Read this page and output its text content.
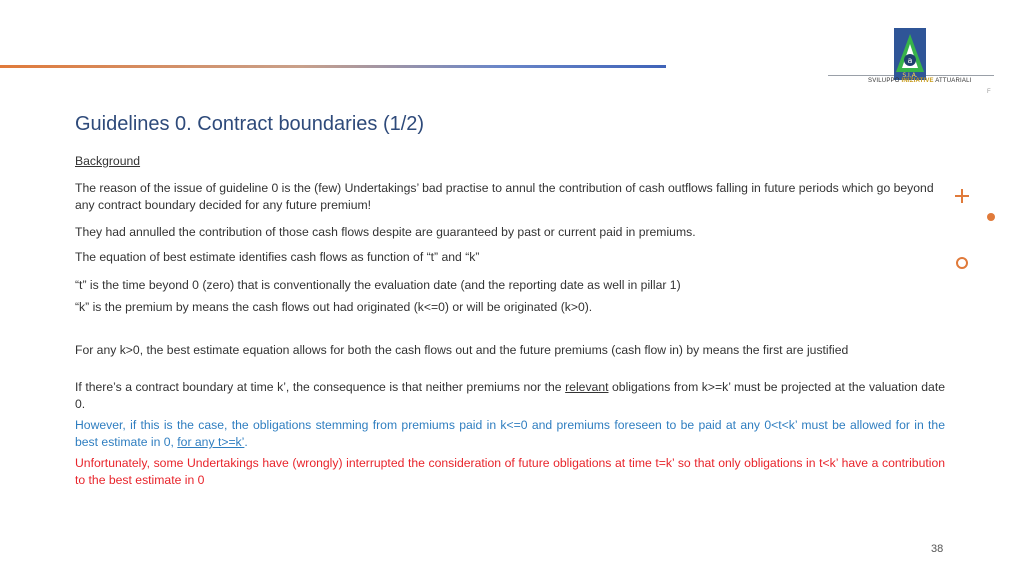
a
S.I.A.
SVILUPPO INIZIATIVE ATTUARIALI
F
Guidelines 0. Contract boundaries (1/2)

Background

The reason of the issue of guideline 0 is the (few) Undertakings’ bad practise to annul the contribution of cash outflows falling in future periods which go beyond any contract boundary decided for any future premium!

They had annulled the contribution of those cash flows despite are guaranteed by past or current paid in premiums.

The equation of best estimate identifies cash flows as function of “t” and “k”

“t” is the time beyond 0 (zero) that is conventionally the evaluation date (and the reporting date as well in pillar 1)

“k” is the premium by means the cash flows out had originated (k<=0) or will be originated (k>0).

For any k>0, the best estimate equation allows for both the cash flows out and the future premiums (cash flow in) by means the first are justified

If there’s a contract boundary at time k’, the consequence is that neither premiums nor the relevant obligations from k>=k’ must be projected at the valuation date 0.

However, if this is the case, the obligations stemming from premiums paid in k<=0 and premiums foreseen to be paid at any 0<t<k’ must be allowed for in the best estimate in 0, for any t>=k’.

Unfortunately, some Undertakings have (wrongly) interrupted the consideration of future obligations at time t=k’ so that only obligations in t<k’ have a contribution to the best estimate in 0

38
